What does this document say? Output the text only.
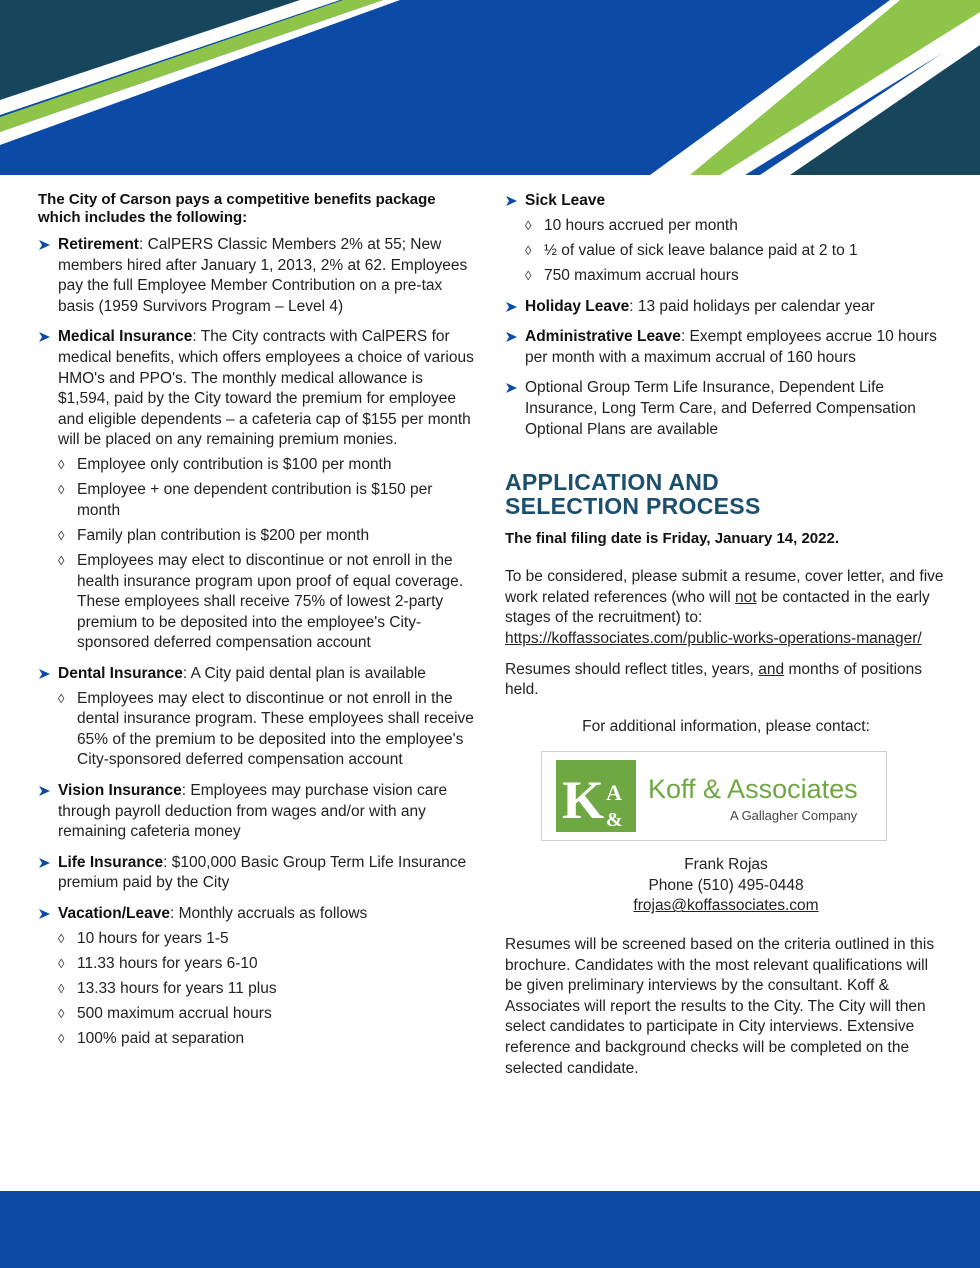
The City of Carson pays a competitive benefits package which includes the following:

Retirement: CalPERS Classic Members 2% at 55; New members hired after January 1, 2013, 2% at 62. Employees pay the full Employee Member Contribution on a pre-tax basis (1959 Survivors Program – Level 4)
Medical Insurance: The City contracts with CalPERS for medical benefits, which offers employees a choice of various HMO's and PPO's. The monthly medical allowance is $1,594, paid by the City toward the premium for employee and eligible dependents – a cafeteria cap of $155 per month will be placed on any remaining premium monies.
◊ Employee only contribution is $100 per month
◊ Employee + one dependent contribution is $150 per month
◊ Family plan contribution is $200 per month
◊ Employees may elect to discontinue or not enroll in the health insurance program upon proof of equal coverage. These employees shall receive 75% of lowest 2-party premium to be deposited into the employee's City-sponsored deferred compensation account
Dental Insurance: A City paid dental plan is available
◊ Employees may elect to discontinue or not enroll in the dental insurance program. These employees shall receive 65% of the premium to be deposited into the employee's City-sponsored deferred compensation account
Vision Insurance: Employees may purchase vision care through payroll deduction from wages and/or with any remaining cafeteria money
Life Insurance: $100,000 Basic Group Term Life Insurance premium paid by the City
Vacation/Leave: Monthly accruals as follows
◊ 10 hours for years 1-5
◊ 11.33 hours for years 6-10
◊ 13.33 hours for years 11 plus
◊ 500 maximum accrual hours
◊ 100% paid at separation
Sick Leave
◊ 10 hours accrued per month
◊ ½ of value of sick leave balance paid at 2 to 1
◊ 750 maximum accrual hours
Holiday Leave: 13 paid holidays per calendar year
Administrative Leave: Exempt employees accrue 10 hours per month with a maximum accrual of 160 hours
Optional Group Term Life Insurance, Dependent Life Insurance, Long Term Care, and Deferred Compensation Optional Plans are available
APPLICATION AND
SELECTION PROCESS

The final filing date is Friday, January 14, 2022.

To be considered, please submit a resume, cover letter, and five work related references (who will not be contacted in the early stages of the recruitment) to:
https://koffassociates.com/public-works-operations-manager/

Resumes should reflect titles, years, and months of positions held.

For additional information, please contact:

K A
&
Koff & Associates
A Gallagher Company
Frank Rojas
Phone (510) 495-0448
frojas@koffassociates.com

Resumes will be screened based on the criteria outlined in this brochure. Candidates with the most relevant qualifications will be given preliminary interviews by the consultant. Koff & Associates will report the results to the City. The City will then select candidates to participate in City interviews. Extensive reference and background checks will be completed on the selected candidate.
